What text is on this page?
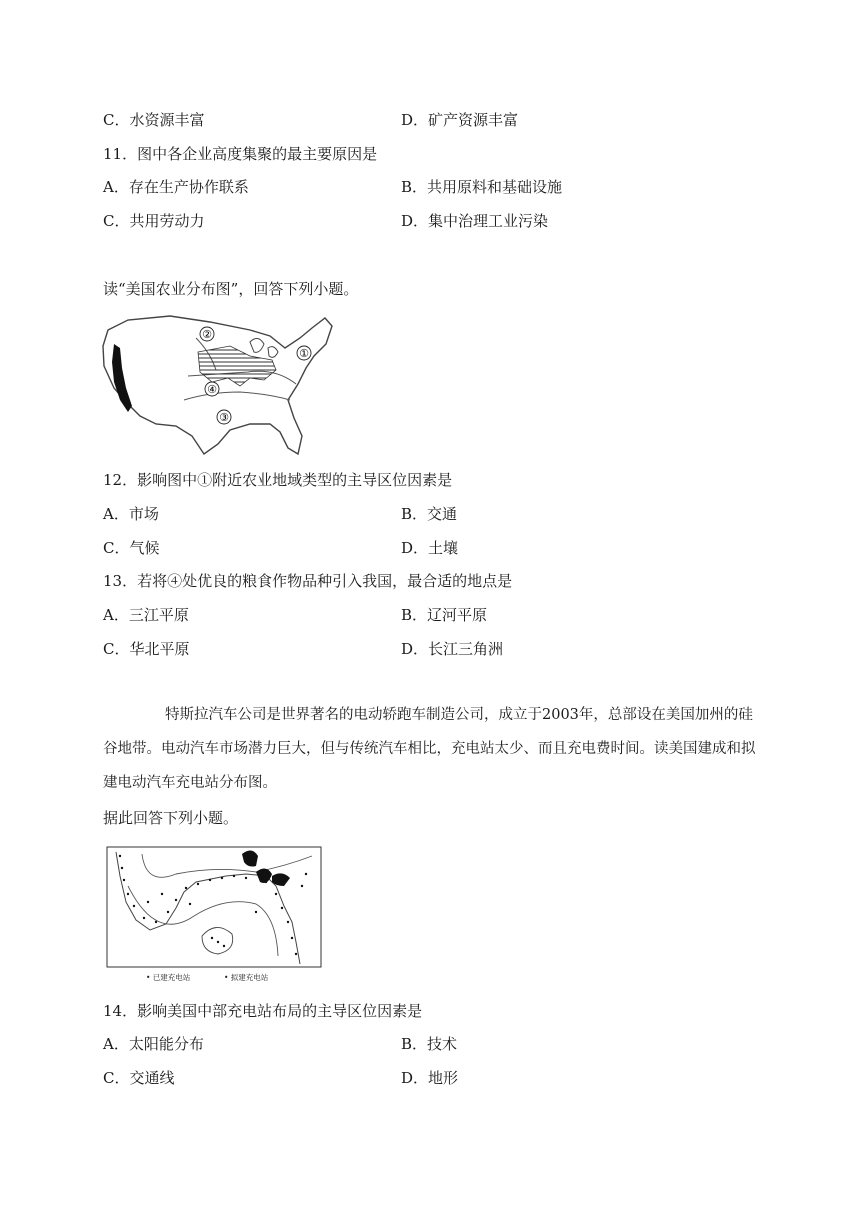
C．水资源丰富	D．矿产资源丰富
11．图中各企业高度集聚的最主要原因是
A．存在生产协作联系	B．共用原料和基础设施
C．共用劳动力	D．集中治理工业污染
读“美国农业分布图”，回答下列小题。
①
②
③
④
12．影响图中①附近农业地域类型的主导区位因素是
A．市场	B．交通
C．气候	D．土壤
13．若将④处优良的粮食作物品种引入我国，最合适的地点是
A．三江平原	B．辽河平原
C．华北平原	D．长江三角洲
特斯拉汽车公司是世界著名的电动轿跑车制造公司，成立于2003年，总部设在美国加州的硅谷地带。电动汽车市场潜力巨大，但与传统汽车相比，充电站太少、而且充电费时间。读美国建成和拟建电动汽车充电站分布图。
据此回答下列小题。
• 已建充电站	• 拟建充电站
14．影响美国中部充电站布局的主导区位因素是
A．太阳能分布	B．技术
C．交通线	D．地形
